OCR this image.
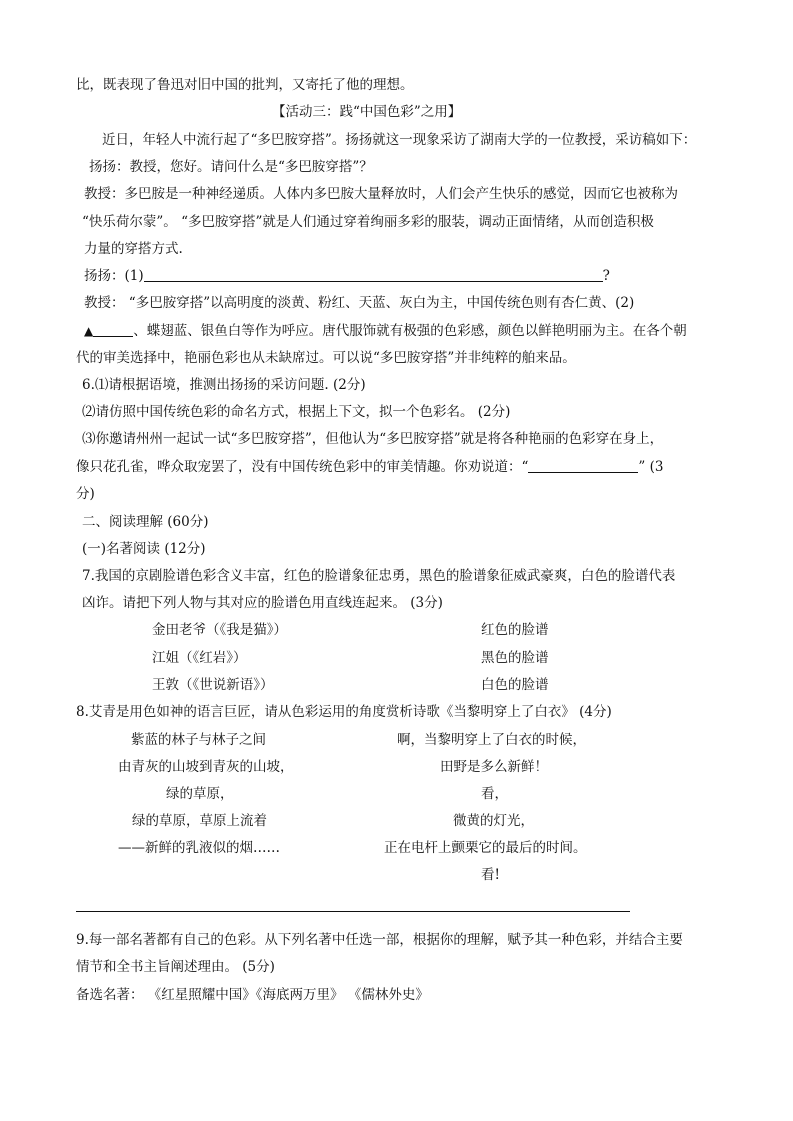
比，既表现了鲁迅对旧中国的批判，又寄托了他的理想。
【活动三：践“中国色彩”之用】
近日，年轻人中流行起了“多巴胺穿搭”。扬扬就这一现象采访了湖南大学的一位教授，采访稿如下：
扬扬：教授，您好。请问什么是“多巴胺穿搭”？
教授：多巴胺是一种神经递质。人体内多巴胺大量释放时，人们会产生快乐的感觉，因而它也被称为
“快乐荷尔蒙”。 “多巴胺穿搭”就是人们通过穿着绚丽多彩的服装，调动正面情绪，从而创造积极
力量的穿搭方式.
扬扬：(1)	?
教授： “多巴胺穿搭”以高明度的淡黄、粉红、天蓝、灰白为主，中国传统色则有杏仁黄、(2)
▲	、蝶翅蓝、银鱼白等作为呼应。唐代服饰就有极强的色彩感，颜色以鲜艳明丽为主。在各个朝
代的审美选择中，艳丽色彩也从未缺席过。可以说“多巴胺穿搭”并非纯粹的舶来品。
6.⑴请根据语境，推测出扬扬的采访问题. (2分)
⑵请仿照中国传统色彩的命名方式，根据上下文，拟一个色彩名。 (2分)
⑶你邀请州州一起试一试“多巴胺穿搭”，但他认为“多巴胺穿搭”就是将各种艳丽的色彩穿在身上，
像只花孔雀，哗众取宠罢了，没有中国传统色彩中的审美情趣。你劝说道：“	” (3
分)
二、阅读理解 (60分)
(一)名著阅读 (12分)
7.我国的京剧脸谱色彩含义丰富，红色的脸谱象征忠勇，黑色的脸谱象征威武豪爽，白色的脸谱代表
凶诈。请把下列人物与其对应的脸谱色用直线连起来。 (3分)
金田老爷（《我是猫》）
江姐（《红岩》）
王敦（《世说新语》）
红色的脸谱
黑色的脸谱
白色的脸谱
8.艾青是用色如神的语言巨匠，请从色彩运用的角度赏析诗歌《当黎明穿上了白衣》 (4分)
紫蓝的林子与林子之间
由青灰的山坡到青灰的山坡，
绿的草原，
绿的草原，草原上流着
——新鲜的乳液似的烟……
啊，当黎明穿上了白衣的时候，
田野是多么新鲜！
看，
微黄的灯光，
正在电杆上颤栗它的最后的时间。
看!
9.每一部名著都有自己的色彩。从下列名著中任选一部，根据你的理解，赋予其一种色彩，并结合主要
情节和全书主旨阐述理由。 (5分)
备选名著： 《红星照耀中国》《海底两万里》 《儒林外史》
